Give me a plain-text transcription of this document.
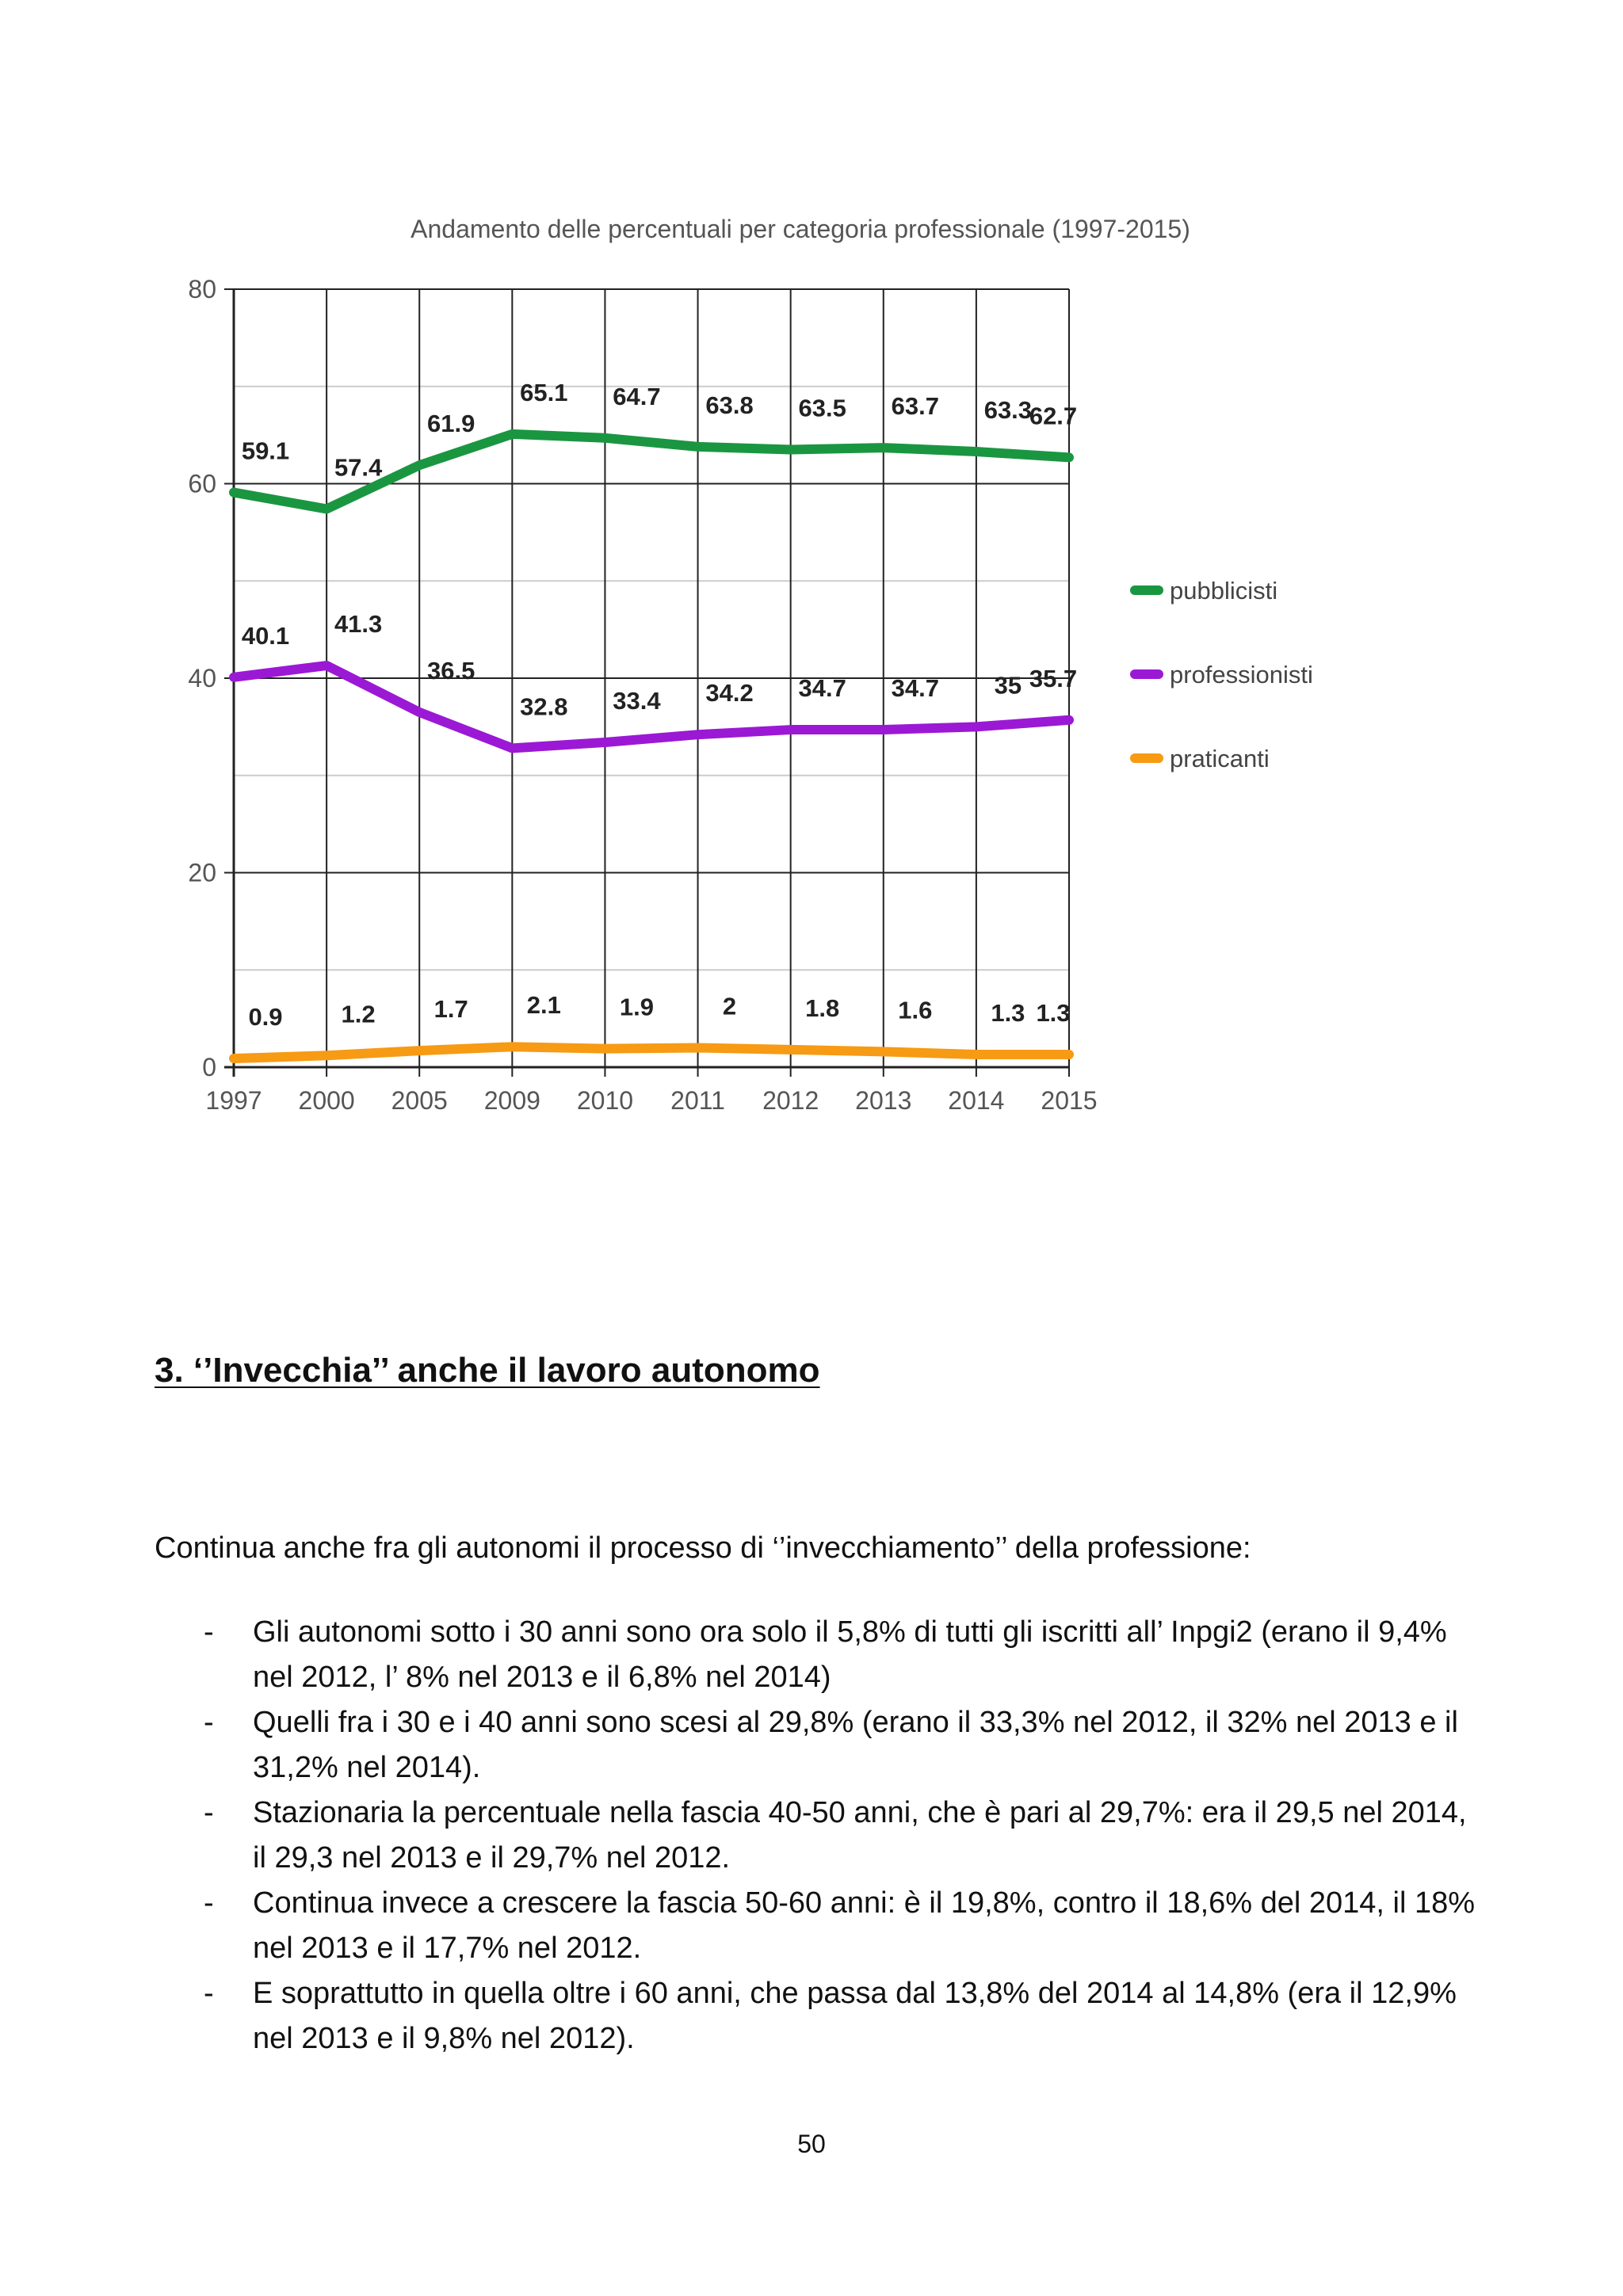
Andamento delle percentuali per categoria professionale (1997-2015)
0
20
40
60
80
1997 2000 2005 2009 2010 2011 2012 2013 2014 2015
59.1
57.4
61.9
65.1 64.7 63.8 63.5 63.7 63.3
62.7
40.1 41.3
36.5
32.8 33.4 34.2 34.7 34.7 35 35.7
0.9 1.2 1.7 2.1 1.9	2	1.8 1.6 1.3 1.3
pubblicisti
professionisti
praticanti
3. ‘’Invecchia’’ anche il lavoro autonomo

Continua anche fra gli autonomi il processo di ‘’invecchiamento’’ della professione:

- Gli autonomi sotto i 30 anni sono ora solo il 5,8% di tutti gli iscritti all’ Inpgi2 (erano il 9,4% nel 2012, l’ 8% nel 2013 e il 6,8% nel 2014)
- Quelli fra i 30 e i 40 anni sono scesi al 29,8% (erano il 33,3% nel 2012, il 32% nel 2013 e il 31,2% nel 2014).
- Stazionaria la percentuale nella fascia 40-50 anni, che è pari al 29,7%: era il 29,5 nel 2014, il 29,3 nel 2013 e il 29,7% nel 2012.
- Continua invece a crescere la fascia 50-60 anni: è il 19,8%, contro il 18,6% del 2014, il 18% nel 2013 e il 17,7% nel 2012.
- E soprattutto in quella oltre i 60 anni, che passa dal 13,8% del 2014 al 14,8% (era il 12,9% nel 2013 e il 9,8% nel 2012).
50
